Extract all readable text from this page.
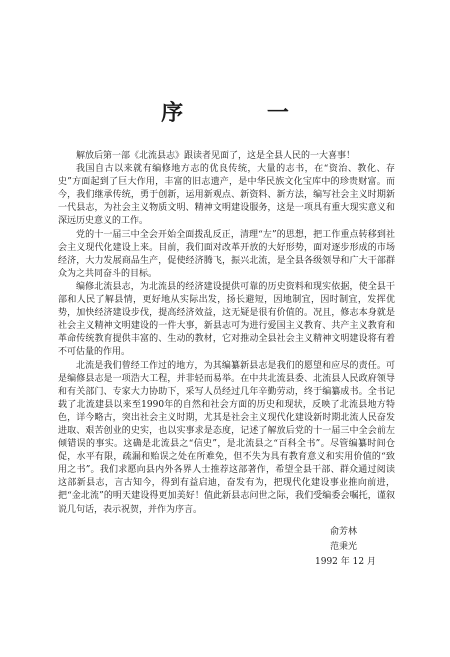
序 一

解放后第一部《北流县志》跟读者见面了，这是全县人民的一大喜事！

我国自古以来就有编修地方志的优良传统，大量的志书，在“资治、教化、存史”方面起到了巨大作用，丰富的旧志遗产，是中华民族文化宝库中的珍贵财富。而今，我们继承传统，勇于创新，运用新观点、新资料、新方法，编写社会主义时期新一代县志，为社会主义物质文明、精神文明建设服务，这是一项具有重大现实意义和深远历史意义的工作。

党的十一届三中全会开始全面拨乱反正，清理“左”的思想，把工作重点转移到社会主义现代化建设上来。目前，我们面对改革开放的大好形势，面对逐步形成的市场经济，大力发展商品生产，促使经济腾飞，振兴北流，是全县各级领导和广大干部群众为之共同奋斗的目标。

编修北流县志，为北流县的经济建设提供可靠的历史资料和现实依据，使全县干部和人民了解县情，更好地从实际出发，扬长避短，因地制宜，因时制宜，发挥优势，加快经济建设步伐，提高经济效益，这无疑是很有价值的。况且，修志本身就是社会主义精神文明建设的一件大事，新县志可为进行爱国主义教育、共产主义教育和革命传统教育提供丰富的、生动的教材，它对推动全县社会主义精神文明建设将有着不可估量的作用。

北流是我们曾经工作过的地方，为其编纂新县志是我们的愿望和应尽的责任。可是编修县志是一项浩大工程，并非轻而易举。在中共北流县委、北流县人民政府领导和有关部门、专家大力协助下，采写人员经过几年辛勤劳动，终于编纂成书。全书记载了北流建县以来至1990年的自然和社会方面的历史和现状，反映了北流县地方特色，详今略古，突出社会主义时期，尤其是社会主义现代化建设新时期北流人民奋发进取、艰苦创业的史实，也以实事求是态度，记述了解放后党的十一届三中全会前左倾错误的事实。这确是北流县之“信史”，是北流县之“百科全书”。尽管编纂时间仓促，水平有限，疏漏和贻误之处在所难免，但不失为具有教育意义和实用价值的“致用之书”。我们求愿向县内外各界人士推荐这部著作，希望全县干部、群众通过阅读这部新县志，言古知今，得到有益启迪，奋发有为，把现代化建设事业推向前进，把“金北流”的明天建设得更加美好！值此新县志问世之际，我们受编委会嘱托，谨叙说几句话，表示祝贺，并作为序言。

俞芳林
范秉光
1992 年 12 月
